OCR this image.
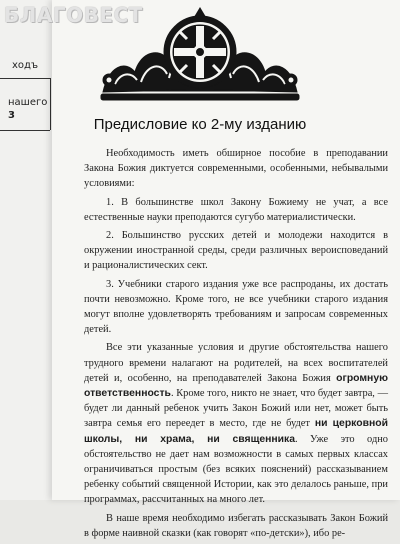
ходъ
нашего
3
БЛАГОВЕСТ
Предисловие ко 2-му изданию

Необходимость иметь обширное пособие в преподавании Закона Божия диктуется современными, особенными, небывалыми условиями:

1. В большинстве школ Закону Божиему не учат, а все естественные науки преподаются сугубо материалистически.

2. Большинство русских детей и молодежи находится в окружении иностранной среды, среди различных вероисповеданий и рационалистических сект.

3. Учебники старого издания уже все распроданы, их достать почти невозможно. Кроме того, не все учебники старого издания могут вполне удовлетворять требованиям и запросам современных детей.

Все эти указанные условия и другие обстоятельства нашего трудного времени налагают на родителей, на всех воспитателей детей и, особенно, на преподавателей Закона Божия огромную ответственность. Кроме того, никто не знает, что будет завтра, — будет ли данный ребенок учить Закон Божий или нет, может быть завтра семья его переедет в место, где не будет ни церковной школы, ни храма, ни священника. Уже это одно обстоятельство не дает нам возможности в самых первых классах ограничиваться простым (без всяких пояснений) рассказыванием ребенку событий священной Истории, как это делалось раньше, при программах, рассчитанных на много лет.

В наше время необходимо избегать рассказывать Закон Божий в форме наивной сказки (как говорят «по-детски»), ибо ре-
